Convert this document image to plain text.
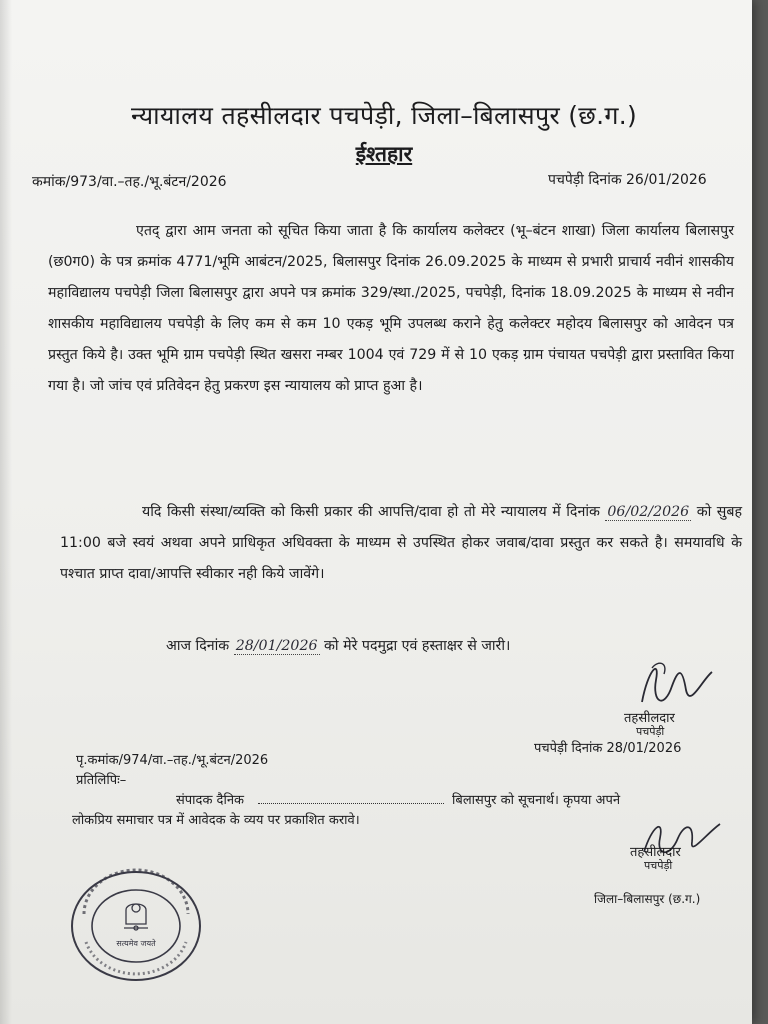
न्यायालय तहसीलदार पचपेड़ी, जिला–बिलासपुर (छ.ग.)
ईश्तहार
कमांक/973/वा.–तह./भू.बंटन/2026	पचपेड़ी दिनांक 26/01/2026
एतद् द्वारा आम जनता को सूचित किया जाता है कि कार्यालय कलेक्टर (भू–बंटन शाखा) जिला कार्यालय बिलासपुर (छ0ग0) के पत्र क्रमांक 4771/भूमि आबंटन/2025, बिलासपुर दिनांक 26.09.2025 के माध्यम से प्रभारी प्राचार्य नवीनं शासकीय महाविद्यालय पचपेड़ी जिला बिलासपुर द्वारा अपने पत्र क्रमांक 329/स्था./2025, पचपेड़ी, दिनांक 18.09.2025 के माध्यम से नवीन शासकीय महाविद्यालय पचपेड़ी के लिए कम से कम 10 एकड़ भूमि उपलब्ध कराने हेतु कलेक्टर महोदय बिलासपुर को आवेदन पत्र प्रस्तुत किये है। उक्त भूमि ग्राम पचपेड़ी स्थित खसरा नम्बर 1004 एवं 729 में से 10 एकड़ ग्राम पंचायत पचपेड़ी द्वारा प्रस्तावित किया गया है। जो जांच एवं प्रतिवेदन हेतु प्रकरण इस न्यायालय को प्राप्त हुआ है।
यदि किसी संस्था/व्यक्ति को किसी प्रकार की आपत्ति/दावा हो तो मेरे न्यायालय में दिनांक 06/02/2026 को सुबह 11:00 बजे स्वयं अथवा अपने प्राधिकृत अधिवक्ता के माध्यम से उपस्थित होकर जवाब/दावा प्रस्तुत कर सकते है। समयावधि के पश्चात प्राप्त दावा/आपत्ति स्वीकार नही किये जावेंगे।
आज दिनांक 28/01/2026 को मेरे पदमुद्रा एवं हस्ताक्षर से जारी।
तहसीलदार
पचपेड़ी
पचपेड़ी दिनांक 28/01/2026
पृ.कमांक/974/वा.–तह./भू.बंटन/2026
प्रतिलिपिः–
संपादक दैनिक	बिलासपुर को सूचनार्थ। कृपया अपने
लोकप्रिय समाचार पत्र में आवेदक के व्यय पर प्रकाशित करावे।
तहसीलदार
पचपेड़ी
जिला–बिलासपुर (छ.ग.)
सत्यमेव जयते
